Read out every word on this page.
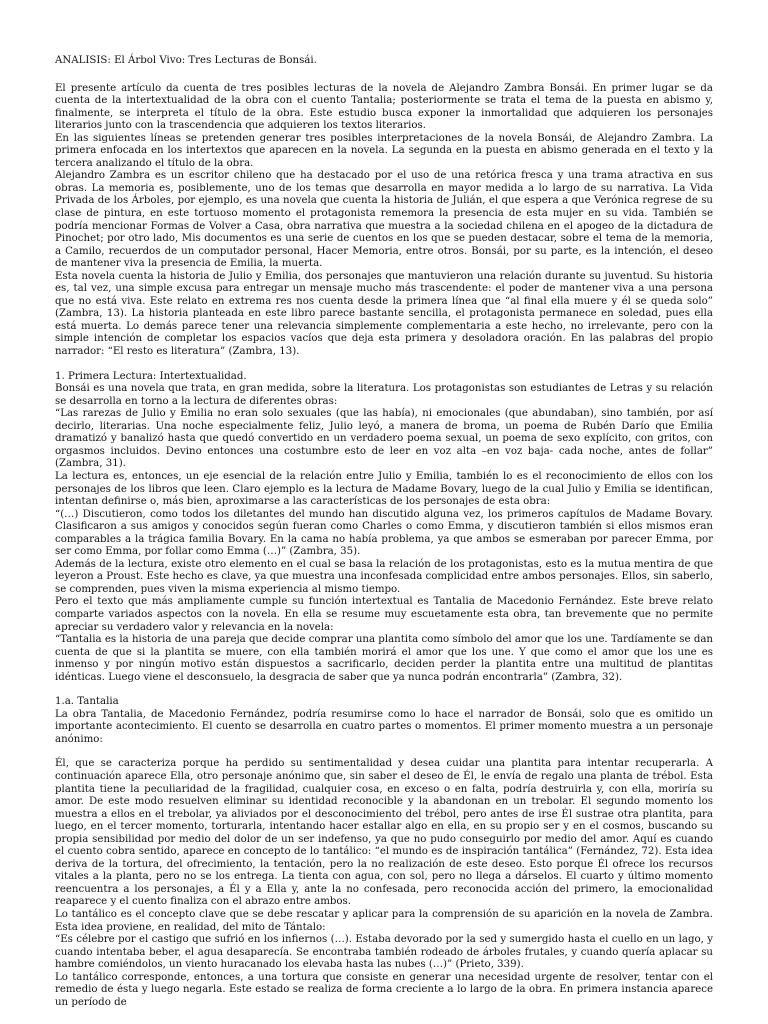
ANALISIS: El Árbol Vivo: Tres Lecturas de Bonsái.

El presente artículo da cuenta de tres posibles lecturas de la novela de Alejandro Zambra Bonsái. En primer lugar se da cuenta de la intertextualidad de la obra con el cuento Tantalia; posteriormente se trata el tema de la puesta en abismo y, finalmente, se interpreta el título de la obra. Este estudio busca exponer la inmortalidad que adquieren los personajes literarios junto con la trascendencia que adquieren los textos literarios.

En las siguientes líneas se pretenden generar tres posibles interpretaciones de la novela Bonsái, de Alejandro Zambra. La primera enfocada en los intertextos que aparecen en la novela. La segunda en la puesta en abismo generada en el texto y la tercera analizando el título de la obra.

Alejandro Zambra es un escritor chileno que ha destacado por el uso de una retórica fresca y una trama atractiva en sus obras. La memoria es, posiblemente, uno de los temas que desarrolla en mayor medida a lo largo de su narrativa. La Vida Privada de los Árboles, por ejemplo, es una novela que cuenta la historia de Julián, el que espera a que Verónica regrese de su clase de pintura, en este tortuoso momento el protagonista rememora la presencia de esta mujer en su vida. También se podría mencionar Formas de Volver a Casa, obra narrativa que muestra a la sociedad chilena en el apogeo de la dictadura de Pinochet; por otro lado, Mis documentos es una serie de cuentos en los que se pueden destacar, sobre el tema de la memoria, a Camilo, recuerdos de un computador personal, Hacer Memoria, entre otros. Bonsái, por su parte, es la intención, el deseo de mantener viva la presencia de Emilia, la muerta.

Esta novela cuenta la historia de Julio y Emilia, dos personajes que mantuvieron una relación durante su juventud. Su historia es, tal vez, una simple excusa para entregar un mensaje mucho más trascendente: el poder de mantener viva a una persona que no está viva. Este relato en extrema res nos cuenta desde la primera línea que “al final ella muere y él se queda solo” (Zambra, 13). La historia planteada en este libro parece bastante sencilla, el protagonista permanece en soledad, pues ella está muerta. Lo demás parece tener una relevancia simplemente complementaria a este hecho, no irrelevante, pero con la simple intención de completar los espacios vacíos que deja esta primera y desoladora oración. En las palabras del propio narrador: “El resto es literatura” (Zambra, 13).

1. Primera Lectura: Intertextualidad.

Bonsái es una novela que trata, en gran medida, sobre la literatura. Los protagonistas son estudiantes de Letras y su relación se desarrolla en torno a la lectura de diferentes obras:

“Las rarezas de Julio y Emilia no eran solo sexuales (que las había), ni emocionales (que abundaban), sino también, por así decirlo, literarias. Una noche especialmente feliz, Julio leyó, a manera de broma, un poema de Rubén Darío que Emilia dramatizó y banalizó hasta que quedó convertido en un verdadero poema sexual, un poema de sexo explícito, con gritos, con orgasmos incluidos. Devino entonces una costumbre esto de leer en voz alta –en voz baja- cada noche, antes de follar” (Zambra, 31).

La lectura es, entonces, un eje esencial de la relación entre Julio y Emilia, también lo es el reconocimiento de ellos con los personajes de los libros que leen. Claro ejemplo es la lectura de Madame Bovary, luego de la cual Julio y Emilia se identifican, intentan definirse o, más bien, aproximarse a las características de los personajes de esta obra:

“(…) Discutieron, como todos los diletantes del mundo han discutido alguna vez, los primeros capítulos de Madame Bovary. Clasificaron a sus amigos y conocidos según fueran como Charles o como Emma, y discutieron también si ellos mismos eran comparables a la trágica familia Bovary. En la cama no había problema, ya que ambos se esmeraban por parecer Emma, por ser como Emma, por follar como Emma (…)” (Zambra, 35).

Además de la lectura, existe otro elemento en el cual se basa la relación de los protagonistas, esto es la mutua mentira de que leyeron a Proust. Este hecho es clave, ya que muestra una inconfesada complicidad entre ambos personajes. Ellos, sin saberlo, se comprenden, pues viven la misma experiencia al mismo tiempo.

Pero el texto que más ampliamente cumple su función intertextual es Tantalia de Macedonio Fernández. Este breve relato comparte variados aspectos con la novela. En ella se resume muy escuetamente esta obra, tan brevemente que no permite apreciar su verdadero valor y relevancia en la novela:

“Tantalia es la historia de una pareja que decide comprar una plantita como símbolo del amor que los une. Tardíamente se dan cuenta de que si la plantita se muere, con ella también morirá el amor que los une. Y que como el amor que los une es inmenso y por ningún motivo están dispuestos a sacrificarlo, deciden perder la plantita entre una multitud de plantitas idénticas. Luego viene el desconsuelo, la desgracia de saber que ya nunca podrán encontrarla” (Zambra, 32).

1.a. Tantalia

La obra Tantalia, de Macedonio Fernández, podría resumirse como lo hace el narrador de Bonsái, solo que es omitido un importante acontecimiento. El cuento se desarrolla en cuatro partes o momentos. El primer momento muestra a un personaje anónimo:

Él, que se caracteriza porque ha perdido su sentimentalidad y desea cuidar una plantita para intentar recuperarla. A continuación aparece Ella, otro personaje anónimo que, sin saber el deseo de Él, le envía de regalo una planta de trébol. Esta plantita tiene la peculiaridad de la fragilidad, cualquier cosa, en exceso o en falta, podría destruirla y, con ella, moriría su amor. De este modo resuelven eliminar su identidad reconocible y la abandonan en un trebolar. El segundo momento los muestra a ellos en el trebolar, ya aliviados por el desconocimiento del trébol, pero antes de irse Él sustrae otra plantita, para luego, en el tercer momento, torturarla, intentando hacer estallar algo en ella, en su propio ser y en el cosmos, buscando su propia sensibilidad por medio del dolor de un ser indefenso, ya que no pudo conseguirlo por medio del amor. Aquí es cuando el cuento cobra sentido, aparece en concepto de lo tantálico: “el mundo es de inspiración tantálica” (Fernández, 72). Esta idea deriva de la tortura, del ofrecimiento, la tentación, pero la no realización de este deseo. Esto porque Él ofrece los recursos vitales a la planta, pero no se los entrega. La tienta con agua, con sol, pero no llega a dárselos. El cuarto y último momento reencuentra a los personajes, a Él y a Ella y, ante la no confesada, pero reconocida acción del primero, la emocionalidad reaparece y el cuento finaliza con el abrazo entre ambos.

Lo tantálico es el concepto clave que se debe rescatar y aplicar para la comprensión de su aparición en la novela de Zambra. Esta idea proviene, en realidad, del mito de Tántalo:

“Es célebre por el castigo que sufrió en los infiernos (…). Estaba devorado por la sed y sumergido hasta el cuello en un lago, y cuando intentaba beber, el agua desaparecía. Se encontraba también rodeado de árboles frutales, y cuando quería aplacar su hambre comiéndolos, un viento huracanado los elevaba hasta las nubes (…)” (Prieto, 339).

Lo tantálico corresponde, entonces, a una tortura que consiste en generar una necesidad urgente de resolver, tentar con el remedio de ésta y luego negarla. Este estado se realiza de forma creciente a lo largo de la obra. En primera instancia aparece un período de
